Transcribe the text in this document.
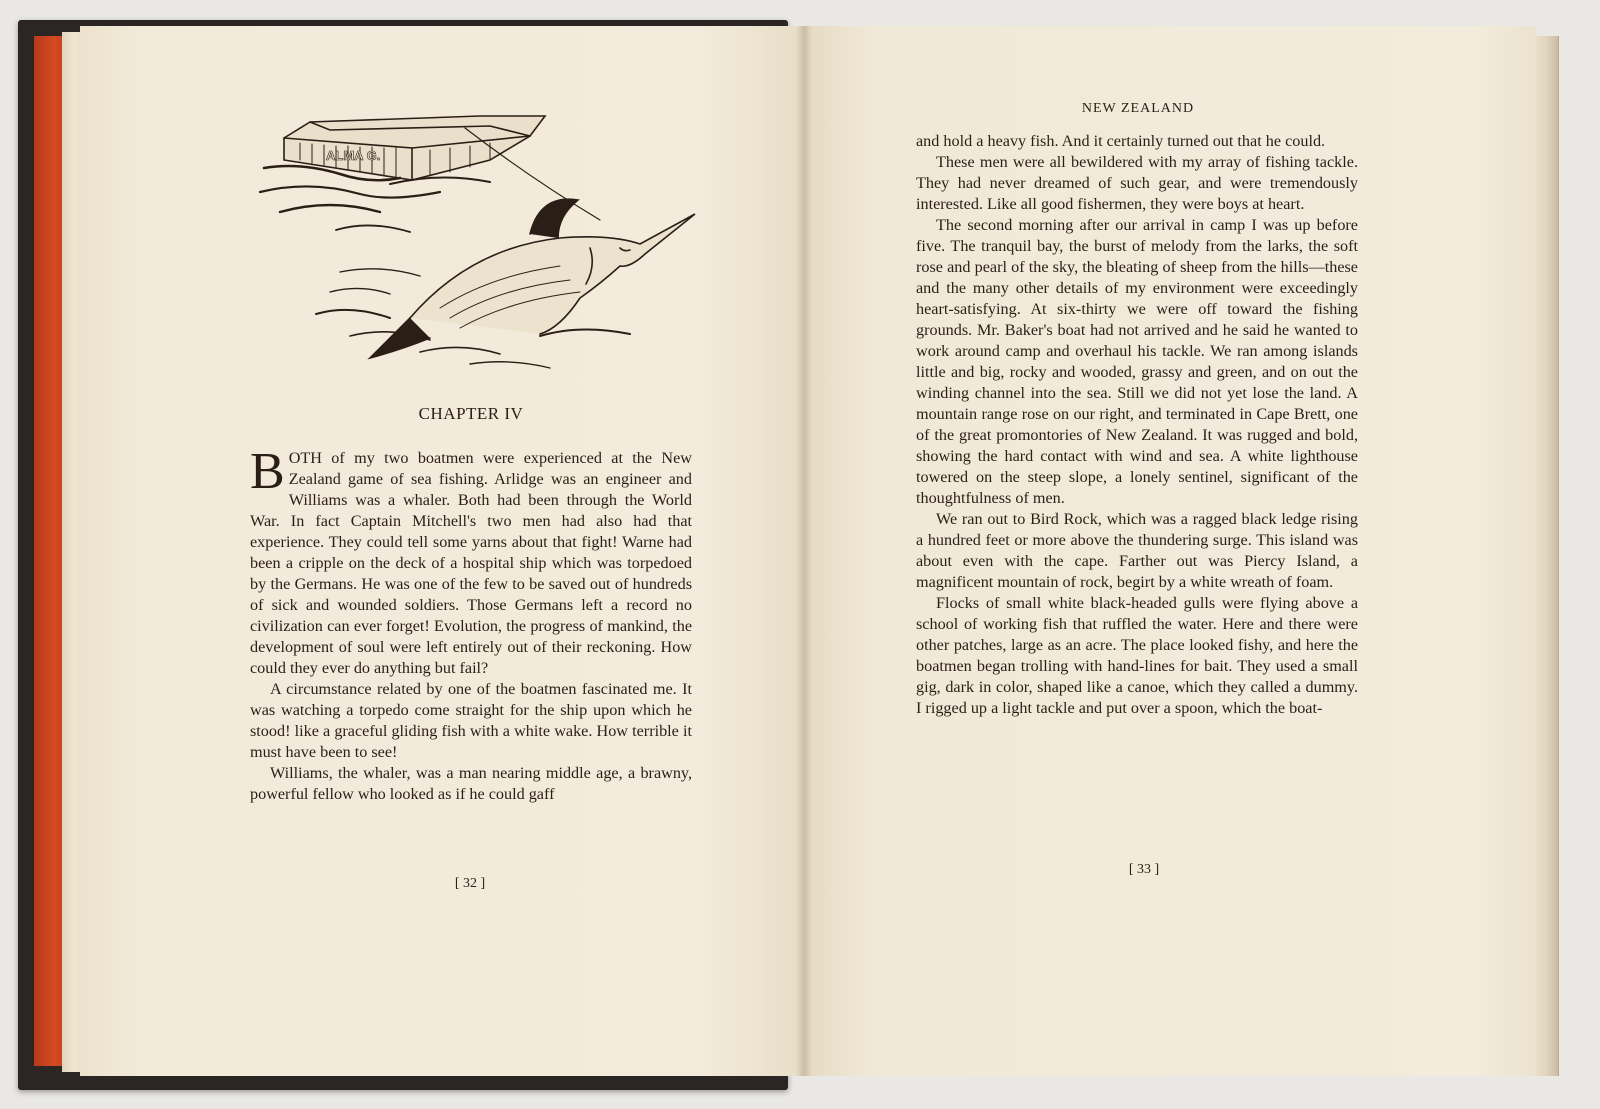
ALMA G.
CHAPTER IV

BOTH of my two boatmen were experienced at the New Zealand game of sea fishing. Arlidge was an engineer and Williams was a whaler. Both had been through the World War. In fact Captain Mitchell's two men had also had that experience. They could tell some yarns about that fight! Warne had been a cripple on the deck of a hospital ship which was torpedoed by the Germans. He was one of the few to be saved out of hundreds of sick and wounded soldiers. Those Germans left a record no civilization can ever forget! Evolution, the progress of mankind, the development of soul were left entirely out of their reckoning. How could they ever do anything but fail?

A circumstance related by one of the boatmen fascinated me. It was watching a torpedo come straight for the ship upon which he stood! like a graceful gliding fish with a white wake. How terrible it must have been to see!

Williams, the whaler, was a man nearing middle age, a brawny, powerful fellow who looked as if he could gaff

[ 32 ]
NEW ZEALAND

and hold a heavy fish. And it certainly turned out that he could.

These men were all bewildered with my array of fishing tackle. They had never dreamed of such gear, and were tremendously interested. Like all good fishermen, they were boys at heart.

The second morning after our arrival in camp I was up before five. The tranquil bay, the burst of melody from the larks, the soft rose and pearl of the sky, the bleating of sheep from the hills—these and the many other details of my environment were exceedingly heart-satisfying. At six-thirty we were off toward the fishing grounds. Mr. Baker's boat had not arrived and he said he wanted to work around camp and overhaul his tackle. We ran among islands little and big, rocky and wooded, grassy and green, and on out the winding channel into the sea. Still we did not yet lose the land. A mountain range rose on our right, and terminated in Cape Brett, one of the great promontories of New Zealand. It was rugged and bold, showing the hard contact with wind and sea. A white lighthouse towered on the steep slope, a lonely sentinel, significant of the thoughtfulness of men.

We ran out to Bird Rock, which was a ragged black ledge rising a hundred feet or more above the thundering surge. This island was about even with the cape. Farther out was Piercy Island, a magnificent mountain of rock, begirt by a white wreath of foam.

Flocks of small white black-headed gulls were flying above a school of working fish that ruffled the water. Here and there were other patches, large as an acre. The place looked fishy, and here the boatmen began trolling with hand-lines for bait. They used a small gig, dark in color, shaped like a canoe, which they called a dummy. I rigged up a light tackle and put over a spoon, which the boat-

[ 33 ]
